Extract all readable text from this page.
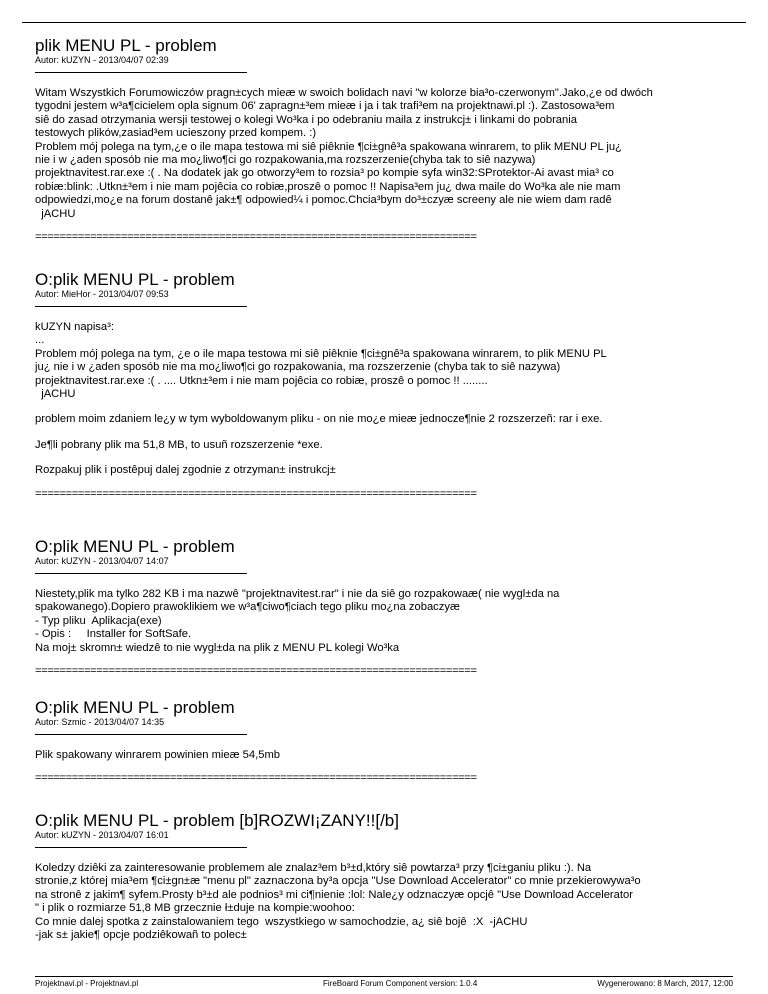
plik MENU PL - problem
Autor: kUZYN - 2013/04/07 02:39

Witam Wszystkich Forumowiczów pragn±cych mieæ w swoich bolidach navi "w kolorze bia³o-czerwonym".Jako,¿e od dwóch

tygodni jestem w³a¶cicielem opla signum 06' zapragn±³em mieæ i ja i tak trafi³em na projektnawi.pl :). Zastosowa³em

siê do zasad otrzymania wersji testowej o kolegi Wo³ka i po odebraniu maila z instrukcj± i linkami do pobrania

testowych plików,zasiad³em ucieszony przed kompem. :)

Problem mój polega na tym,¿e o ile mapa testowa mi siê piêknie ¶ci±gnê³a spakowana winrarem, to plik MENU PL ju¿

nie i w ¿aden sposób nie ma mo¿liwo¶ci go rozpakowania,ma rozszerzenie(chyba tak to siê nazywa)

projektnavitest.rar.exe :( . Na dodatek jak go otworzy³em to rozsia³ po kompie syfa win32:SProtektor-Ai avast mia³ co

robiæ:blink: .Utkn±³em i nie mam pojêcia co robiæ,proszê o pomoc !! Napisa³em ju¿ dwa maile do Wo³ka ale nie mam

odpowiedzi,mo¿e na forum dostanê jak±¶ odpowied¼ i pomoc.Chcia³bym do³±czyæ screeny ale nie wiem dam radê

jACHU

========================================================================
O:plik MENU PL - problem
Autor: MieHor - 2013/04/07 09:53

kUZYN napisa³:

...

Problem mój polega na tym, ¿e o ile mapa testowa mi siê piêknie ¶ci±gnê³a spakowana winrarem, to plik MENU PL

ju¿ nie i w ¿aden sposób nie ma mo¿liwo¶ci go rozpakowania, ma rozszerzenie (chyba tak to siê nazywa)

projektnavitest.rar.exe :( . .... Utkn±³em i nie mam pojêcia co robiæ, proszê o pomoc !! ........

jACHU

problem moim zdaniem le¿y w tym wyboldowanym pliku - on nie mo¿e mieæ jednocze¶nie 2 rozszerzeñ: rar i exe.

Je¶li pobrany plik ma 51,8 MB, to usuñ rozszerzenie *exe.

Rozpakuj plik i postêpuj dalej zgodnie z otrzyman± instrukcj±

========================================================================
O:plik MENU PL - problem
Autor: kUZYN - 2013/04/07 14:07

Niestety,plik ma tylko 282 KB i ma nazwê "projektnavitest.rar" i nie da siê go rozpakowaæ( nie wygl±da na

spakowanego).Dopiero prawoklikiem we w³a¶ciwo¶ciach tego pliku mo¿na zobaczyæ

- Typ pliku  Aplikacja(exe)

- Opis :     Installer for SoftSafe.

Na moj± skromn± wiedzê to nie wygl±da na plik z MENU PL kolegi Wo³ka

========================================================================
O:plik MENU PL - problem
Autor: Szmic - 2013/04/07 14:35

Plik spakowany winrarem powinien mieæ 54,5mb

========================================================================
O:plik MENU PL - problem [b]ROZWI¡ZANY!![/b]
Autor: kUZYN - 2013/04/07 16:01

Koledzy dziêki za zainteresowanie problemem ale znalaz³em b³±d,który siê powtarza³ przy ¶ci±ganiu pliku :). Na

stronie,z której mia³em ¶ci±gn±æ "menu pl" zaznaczona by³a opcja "Use Download Accelerator" co mnie przekierowywa³o

na stronê z jakim¶ syfem.Prosty b³±d ale podnios³ mi ci¶nienie :lol: Nale¿y odznaczyæ opcjê "Use Download Accelerator

" i plik o rozmiarze 51,8 MB grzecznie ł±duje na kompie:woohoo:

Co mnie dalej spotka z zainstalowaniem tego  wszystkiego w samochodzie, a¿ siê bojê  :X  -jACHU

-jak s± jakie¶ opcje podziêkowañ to polec±

Projektnavi.pl - Projektnavi.pl	FireBoard Forum Component version: 1.0.4	Wygenerowano: 8 March, 2017, 12:00
